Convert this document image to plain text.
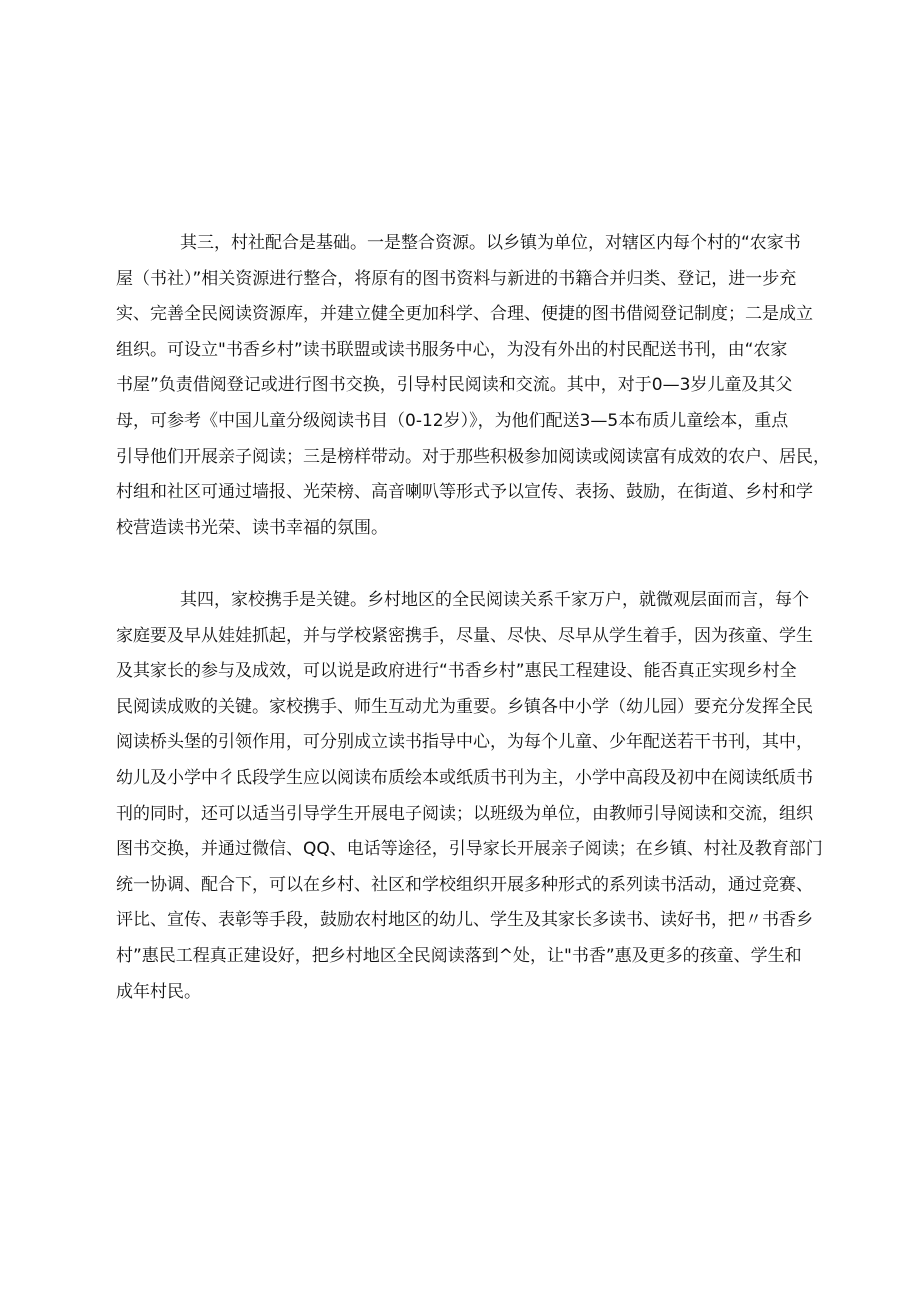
其三，村社配合是基础。一是整合资源。以乡镇为单位，对辖区内每个村的“农家书
屋（书社）”相关资源进行整合，将原有的图书资料与新进的书籍合并归类、登记，进一步充
实、完善全民阅读资源库，并建立健全更加科学、合理、便捷的图书借阅登记制度；二是成立
组织。可设立"书香乡村”读书联盟或读书服务中心，为没有外出的村民配送书刊，由“农家
书屋”负责借阅登记或进行图书交换，引导村民阅读和交流。其中，对于0—3岁儿童及其父
母，可参考《中国儿童分级阅读书目（0-12岁）》，为他们配送3—5本布质儿童绘本，重点
引导他们开展亲子阅读；三是榜样带动。对于那些积极参加阅读或阅读富有成效的农户、居民，
村组和社区可通过墙报、光荣榜、高音喇叭等形式予以宣传、表扬、鼓励，在街道、乡村和学
校营造读书光荣、读书幸福的氛围。
其四，家校携手是关键。乡村地区的全民阅读关系千家万户，就微观层面而言，每个
家庭要及早从娃娃抓起，并与学校紧密携手，尽量、尽快、尽早从学生着手，因为孩童、学生
及其家长的参与及成效，可以说是政府进行“书香乡村”惠民工程建设、能否真正实现乡村全
民阅读成败的关键。家校携手、师生互动尤为重要。乡镇各中小学（幼儿园）要充分发挥全民
阅读桥头堡的引领作用，可分别成立读书指导中心，为每个儿童、少年配送若干书刊，其中，
幼儿及小学中彳氐段学生应以阅读布质绘本或纸质书刊为主，小学中高段及初中在阅读纸质书
刊的同时，还可以适当引导学生开展电子阅读；以班级为单位，由教师引导阅读和交流，组织
图书交换，并通过微信、QQ、电话等途径，引导家长开展亲子阅读；在乡镇、村社及教育部门
统一协调、配合下，可以在乡村、社区和学校组织开展多种形式的系列读书活动，通过竞赛、
评比、宣传、表彰等手段，鼓励农村地区的幼儿、学生及其家长多读书、读好书，把〃书香乡
村”惠民工程真正建设好，把乡村地区全民阅读落到^处，让"书香”惠及更多的孩童、学生和
成年村民。
